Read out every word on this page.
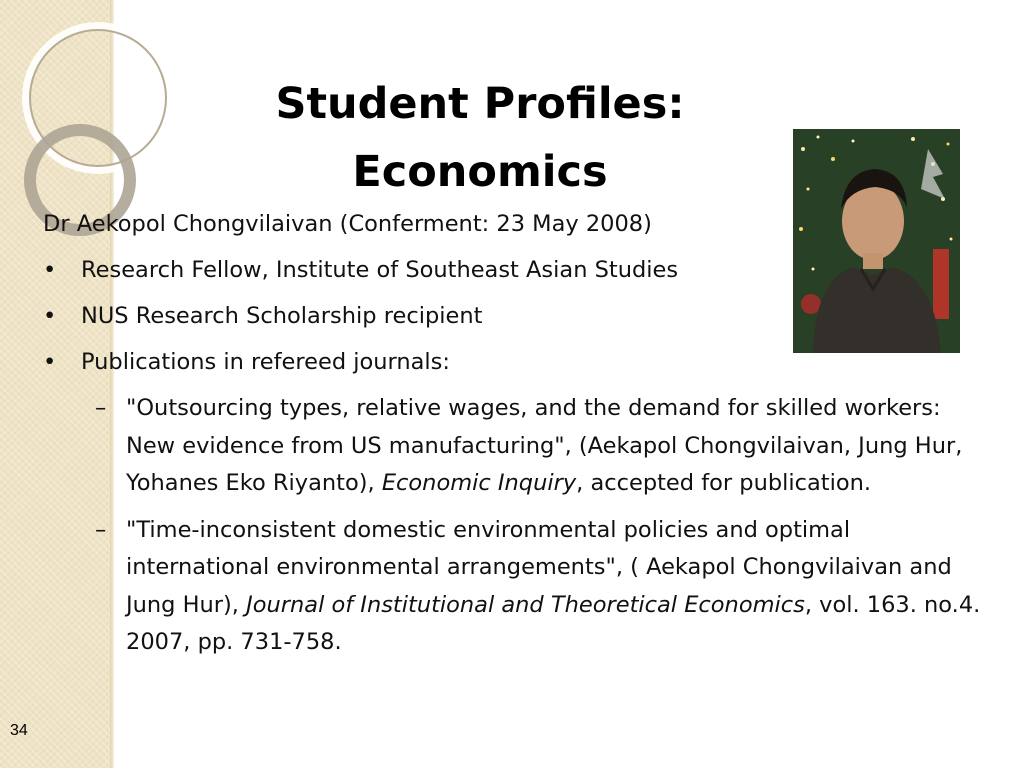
Student Profiles:
Economics
Dr Aekopol Chongvilaivan (Conferment: 23 May 2008)
• Research Fellow, Institute of Southeast Asian Studies
• NUS Research Scholarship recipient
• Publications in refereed journals:
– "Outsourcing types, relative wages, and the demand for skilled workers: New evidence from US manufacturing", (Aekapol Chongvilaivan, Jung Hur, Yohanes Eko Riyanto), Economic Inquiry, accepted for publication.
– "Time-inconsistent domestic environmental policies and optimal international environmental arrangements", ( Aekapol Chongvilaivan and Jung Hur), Journal of Institutional and Theoretical Economics, vol. 163. no.4. 2007, pp. 731-758.
34
